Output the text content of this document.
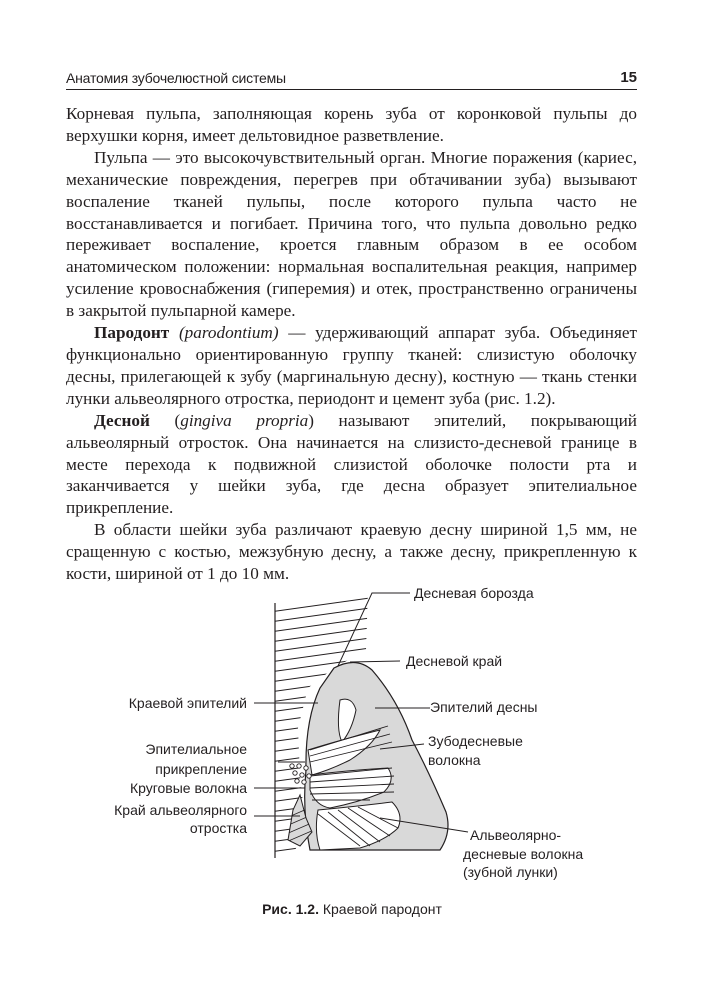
Анатомия зубочелюстной системы	15

Корневая пульпа, заполняющая корень зуба от коронковой пульпы до верхушки корня, имеет дельтовидное разветвление.

Пульпа — это высокочувствительный орган. Многие поражения (кариес, механические повреждения, перегрев при обтачивании зуба) вызывают воспаление тканей пульпы, после которого пульпа часто не восстанавливается и погибает. Причина того, что пульпа довольно редко переживает воспаление, кроется главным образом в ее особом анатомическом положении: нормальная воспалительная реакция, например усиление кровоснабжения (гиперемия) и отек, пространственно ограничены в закрытой пульпарной камере.

Пародонт (parodontium) — удерживающий аппарат зуба. Объединяет функционально ориентированную группу тканей: слизистую оболочку десны, прилегающей к зубу (маргинальную десну), костную — ткань стенки лунки альвеолярного отростка, периодонт и цемент зуба (рис. 1.2).

Десной (gingiva propria) называют эпителий, покрывающий альвеолярный отросток. Она начинается на слизисто-десневой границе в месте перехода к подвижной слизистой оболочке полости рта и заканчивается у шейки зуба, где десна образует эпителиальное прикрепление.

В области шейки зуба различают краевую десну шириной 1,5 мм, не сращенную с костью, межзубную десну, а также десну, прикрепленную к кости, шириной от 1 до 10 мм.

Десневая борозда
Десневой край
Краевой эпителий	Эпителий десны
Эпителиальное
прикрепление
Зубодесневые
волокна
Круговые волокна
Край альвеолярного
отростка	Альвеолярно-
десневые волокна
(зубной лунки)
Рис. 1.2. Краевой пародонт
